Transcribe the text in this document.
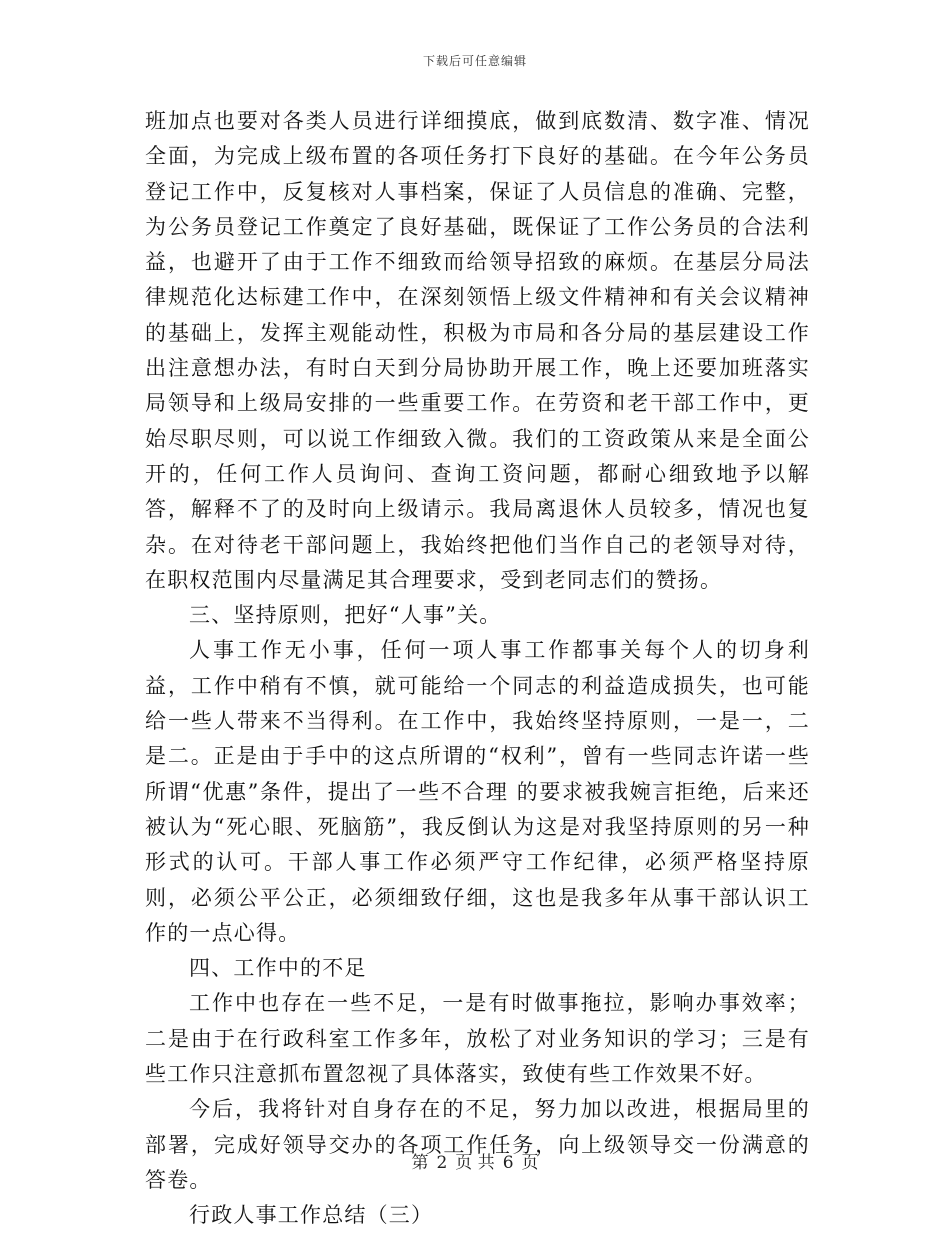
下载后可任意编辑

班加点也要对各类人员进行详细摸底，做到底数清、数字准、情况全面，为完成上级布置的各项任务打下良好的基础。在今年公务员登记工作中，反复核对人事档案，保证了人员信息的准确、完整，为公务员登记工作奠定了良好基础，既保证了工作公务员的合法利益，也避开了由于工作不细致而给领导招致的麻烦。在基层分局法律规范化达标建工作中，在深刻领悟上级文件精神和有关会议精神的基础上，发挥主观能动性，积极为市局和各分局的基层建设工作出注意想办法，有时白天到分局协助开展工作，晚上还要加班落实局领导和上级局安排的一些重要工作。在劳资和老干部工作中，更始尽职尽则，可以说工作细致入微。我们的工资政策从来是全面公开的，任何工作人员询问、查询工资问题，都耐心细致地予以解答，解释不了的及时向上级请示。我局离退休人员较多，情况也复杂。在对待老干部问题上，我始终把他们当作自己的老领导对待，在职权范围内尽量满足其合理要求，受到老同志们的赞扬。

三、坚持原则，把好“人事”关。

人事工作无小事，任何一项人事工作都事关每个人的切身利益，工作中稍有不慎，就可能给一个同志的利益造成损失，也可能给一些人带来不当得利。在工作中，我始终坚持原则，一是一，二是二。正是由于手中的这点所谓的“权利”，曾有一些同志许诺一些所谓“优惠”条件，提出了一些不合理 的要求被我婉言拒绝，后来还被认为“死心眼、死脑筋”，我反倒认为这是对我坚持原则的另一种形式的认可。干部人事工作必须严守工作纪律，必须严格坚持原则，必须公平公正，必须细致仔细，这也是我多年从事干部认识工作的一点心得。

四、工作中的不足

工作中也存在一些不足，一是有时做事拖拉，影响办事效率；二是由于在行政科室工作多年，放松了对业务知识的学习；三是有些工作只注意抓布置忽视了具体落实，致使有些工作效果不好。

今后，我将针对自身存在的不足，努力加以改进，根据局里的部署，完成好领导交办的各项工作任务，向上级领导交一份满意的答卷。

行政人事工作总结（三）

第 2 页 共 6 页
